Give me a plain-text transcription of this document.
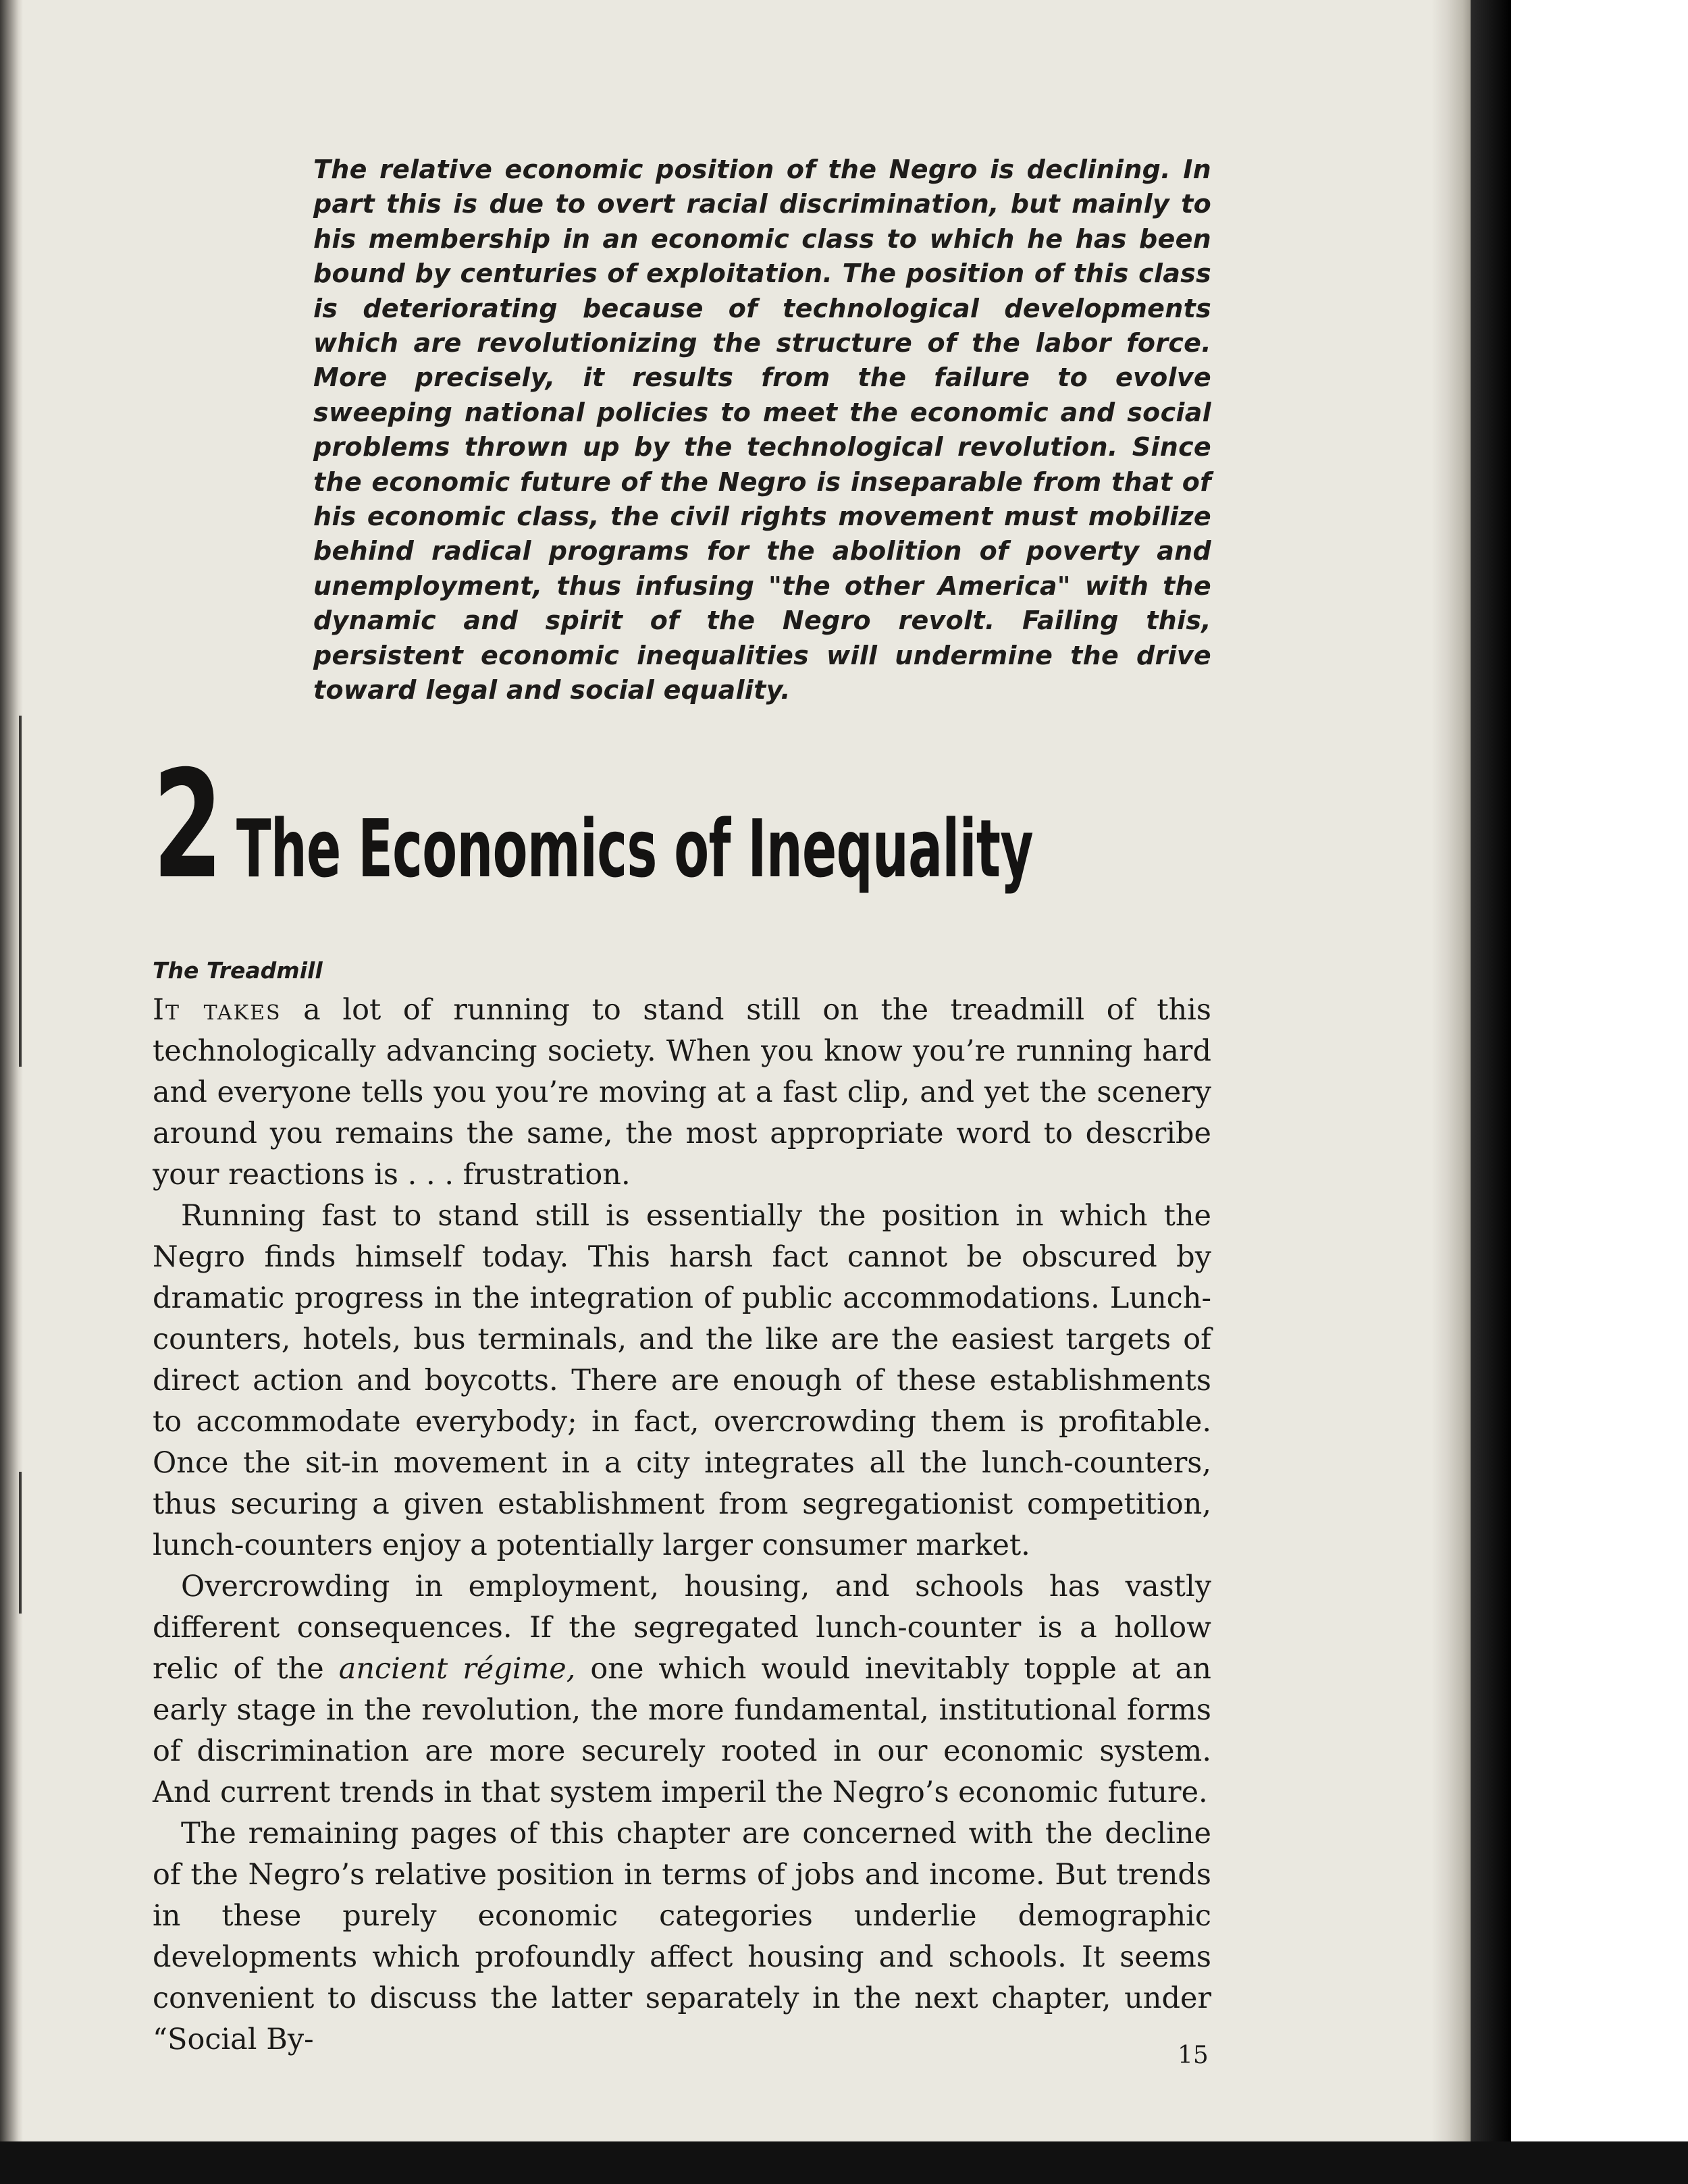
The relative economic position of the Negro is declining. In part this is due to overt racial discrimination, but mainly to his membership in an economic class to which he has been bound by centuries of exploitation. The position of this class is deteriorating because of technological developments which are revolutionizing the structure of the labor force. More precisely, it results from the failure to evolve sweeping national policies to meet the economic and social problems thrown up by the technological revolution. Since the economic future of the Negro is inseparable from that of his economic class, the civil rights movement must mobilize behind radical programs for the abolition of poverty and unemployment, thus infusing "the other America" with the dynamic and spirit of the Negro revolt. Failing this, persistent economic inequalities will undermine the drive toward legal and social equality.
2 The Economics of Inequality
The Treadmill

It takes a lot of running to stand still on the treadmill of this technologically advancing society. When you know you’re running hard and everyone tells you you’re moving at a fast clip, and yet the scenery around you remains the same, the most appropriate word to describe your reactions is . . . frustration.

Running fast to stand still is essentially the position in which the Negro finds himself today. This harsh fact cannot be obscured by dramatic progress in the integration of public accommodations. Lunch-counters, hotels, bus terminals, and the like are the easiest targets of direct action and boycotts. There are enough of these establishments to accommodate everybody; in fact, overcrowding them is profitable. Once the sit-in movement in a city integrates all the lunch-counters, thus securing a given establishment from segregationist competition, lunch-counters enjoy a potentially larger consumer market.

Overcrowding in employment, housing, and schools has vastly different consequences. If the segregated lunch-counter is a hollow relic of the ancient régime, one which would inevitably topple at an early stage in the revolution, the more fundamental, institutional forms of discrimination are more securely rooted in our economic system. And current trends in that system imperil the Negro’s economic future.

The remaining pages of this chapter are concerned with the decline of the Negro’s relative position in terms of jobs and income. But trends in these purely economic categories underlie demographic developments which profoundly affect housing and schools. It seems convenient to discuss the latter separately in the next chapter, under “Social By-	15
